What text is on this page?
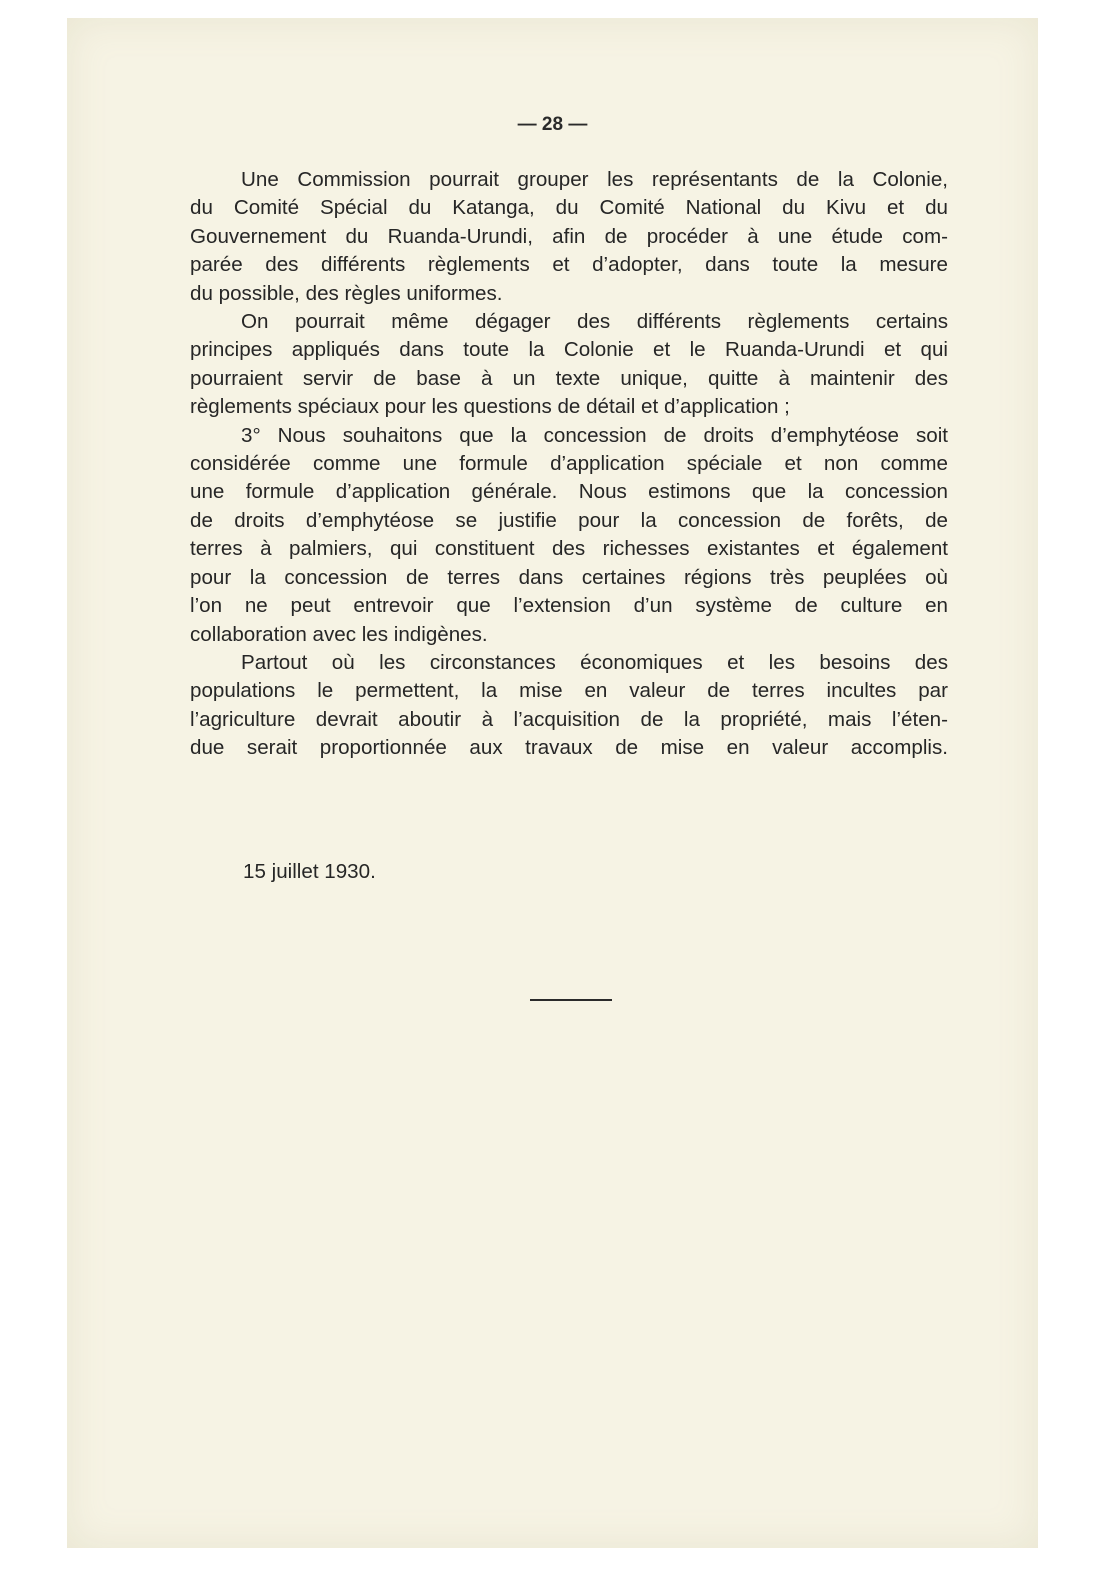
— 28 —
Une Commission pourrait grouper les représentants de la Colonie,
du Comité Spécial du Katanga, du Comité National du Kivu et du
Gouvernement du Ruanda-Urundi, afin de procéder à une étude com-
parée des différents règlements et d’adopter, dans toute la mesure
du possible, des règles uniformes.
On pourrait même dégager des différents règlements certains
principes appliqués dans toute la Colonie et le Ruanda-Urundi et qui
pourraient servir de base à un texte unique, quitte à maintenir des
règlements spéciaux pour les questions de détail et d’application ;
3° Nous souhaitons que la concession de droits d’emphytéose soit
considérée comme une formule d’application spéciale et non comme
une formule d’application générale. Nous estimons que la concession
de droits d’emphytéose se justifie pour la concession de forêts, de
terres à palmiers, qui constituent des richesses existantes et également
pour la concession de terres dans certaines régions très peuplées où
l’on ne peut entrevoir que l’extension d’un système de culture en
collaboration avec les indigènes.
Partout où les circonstances économiques et les besoins des
populations le permettent, la mise en valeur de terres incultes par
l’agriculture devrait aboutir à l’acquisition de la propriété, mais l’éten-
due serait proportionnée aux travaux de mise en valeur accomplis.
15 juillet 1930.
